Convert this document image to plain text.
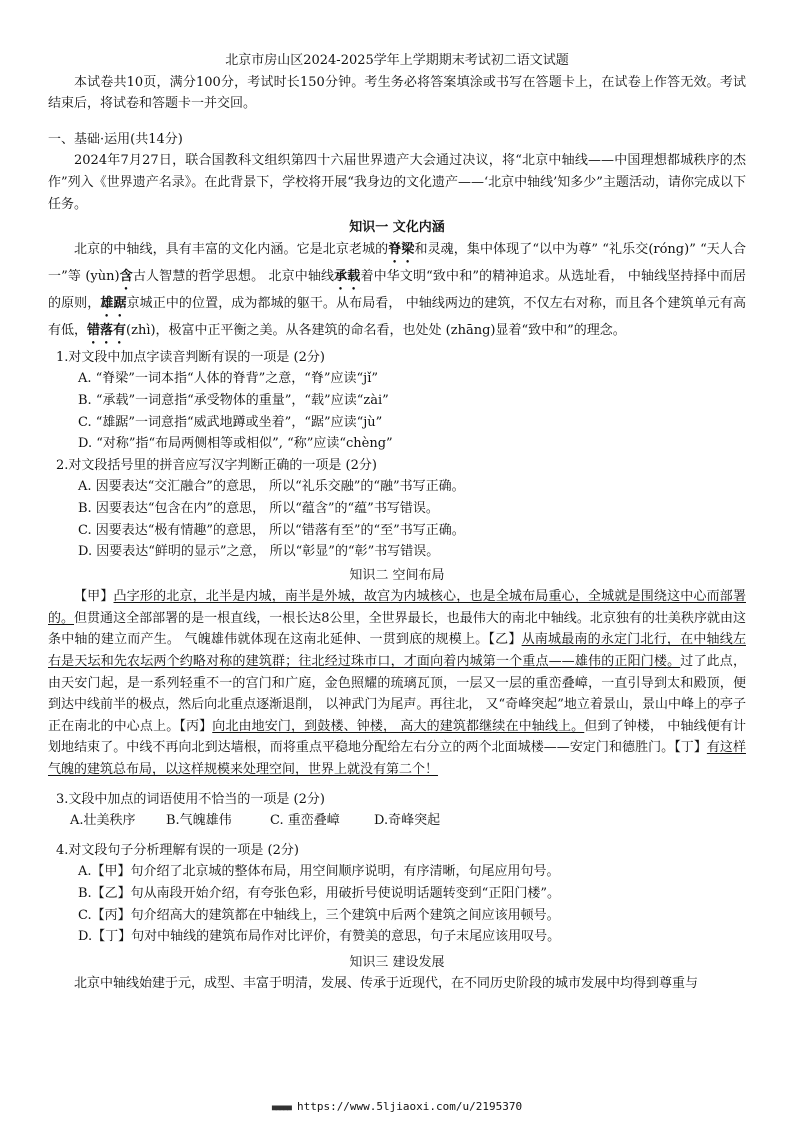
北京市房山区2024-2025学年上学期期末考试初二语文试题

本试卷共10页，满分100分，考试时长150分钟。考生务必将答案填涂或书写在答题卡上，在试卷上作答无效。考试结束后，将试卷和答题卡一并交回。

一、基础·运用(共14分)

2024年7月27日，联合国教科文组织第四十六届世界遗产大会通过决议，将“北京中轴线——中国理想都城秩序的杰作”列入《世界遗产名录》。在此背景下，学校将开展“我身边的文化遗产——‘北京中轴线’知多少”主题活动，请你完成以下任务。

知识一 文化内涵

北京的中轴线，具有丰富的文化内涵。它是北京老城的脊梁和灵魂，集中体现了“以中为尊” “礼乐交(róng)” “天人合一”等 (yùn)含古人智慧的哲学思想。 北京中轴线承载着中华文明“致中和”的精神追求。从选址看， 中轴线坚持择中而居的原则，雄踞京城正中的位置，成为都城的躯干。从布局看， 中轴线两边的建筑，不仅左右对称，而且各个建筑单元有高有低，错落有(zhì)，极富中正平衡之美。从各建筑的命名看，也处处 (zhāng)显着“致中和”的理念。

1.对文段中加点字读音判断有误的一项是 (2分)
A. “脊梁”一词本指“人体的脊背”之意，“脊”应读“jǐ”
B. “承载”一词意指“承受物体的重量”，“载”应读“zài”
C. “雄踞”一词意指“威武地蹲或坐着”，“踞”应读“jù”
D. “对称”指“布局两侧相等或相似”, “称”应读“chèng”
2.对文段括号里的拼音应写汉字判断正确的一项是 (2分)
A. 因要表达“交汇融合”的意思， 所以“礼乐交融”的“融”书写正确。
B. 因要表达“包含在内”的意思， 所以“蕴含”的“蕴”书写错误。
C. 因要表达“极有情趣”的意思， 所以“错落有至”的“至”书写正确。
D. 因要表达“鲜明的显示”之意， 所以“彰显”的“彰”书写错误。
知识二 空间布局

【甲】凸字形的北京，北半是内城，南半是外城，故宫为内城核心，也是全城布局重心，全城就是围绕这中心而部署的。但贯通这全部部署的是一根直线，一根长达8公里，全世界最长，也最伟大的南北中轴线。北京独有的壮美秩序就由这条中轴的建立而产生。 气魄雄伟就体现在这南北延伸、一贯到底的规模上。【乙】从南城最南的永定门北行，在中轴线左右是天坛和先农坛两个约略对称的建筑群；往北经过珠市口，才面向着内城第一个重点——雄伟的正阳门楼。过了此点， 由天安门起，是一系列轻重不一的宫门和广庭，金色照耀的琉璃瓦顶，一层又一层的重峦叠嶂，一直引导到太和殿顶，便到达中线前半的极点，然后向北重点逐渐退削， 以神武门为尾声。再往北， 又“奇峰突起”地立着景山，景山中峰上的亭子正在南北的中心点上。【丙】向北由地安门，到鼓楼、钟楼， 高大的建筑都继续在中轴线上。但到了钟楼， 中轴线便有计划地结束了。中线不再向北到达墙根，而将重点平稳地分配给左右分立的两个北面城楼——安定门和德胜门。【丁】有这样气魄的建筑总布局，以这样规模来处理空间，世界上就没有第二个！

3.文段中加点的词语使用不恰当的一项是 (2分)
A.壮美秩序	B.气魄雄伟	C. 重峦叠嶂	D.奇峰突起
4.对文段句子分析理解有误的一项是 (2分)
A.【甲】句介绍了北京城的整体布局，用空间顺序说明，有序清晰，句尾应用句号。
B.【乙】句从南段开始介绍，有夸张色彩，用破折号使说明话题转变到“正阳门楼”。
C.【丙】句介绍高大的建筑都在中轴线上，三个建筑中后两个建筑之间应该用顿号。
D.【丁】句对中轴线的建筑布局作对比评价，有赞美的意思，句子末尾应该用叹号。
知识三 建设发展

北京中轴线始建于元，成型、丰富于明清，发展、传承于近现代，在不同历史阶段的城市发展中均得到尊重与

■■■■■ https://www.5ljiaoxi.com/u/2195370
